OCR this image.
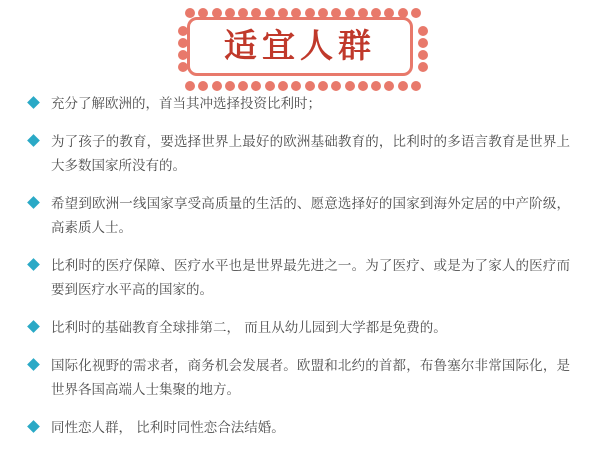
适宜人群
充分了解欧洲的，首当其冲选择投资比利时；
为了孩子的教育，要选择世界上最好的欧洲基础教育的，比利时的多语言教育是世界上大多数国家所没有的。
希望到欧洲一线国家享受高质量的生活的、愿意选择好的国家到海外定居的中产阶级，高素质人士。
比利时的医疗保障、医疗水平也是世界最先进之一。为了医疗、或是为了家人的医疗而要到医疗水平高的国家的。
比利时的基础教育全球排第二， 而且从幼儿园到大学都是免费的。
国际化视野的需求者，商务机会发展者。欧盟和北约的首都，布鲁塞尔非常国际化，是世界各国高端人士集聚的地方。
同性恋人群， 比利时同性恋合法结婚。
